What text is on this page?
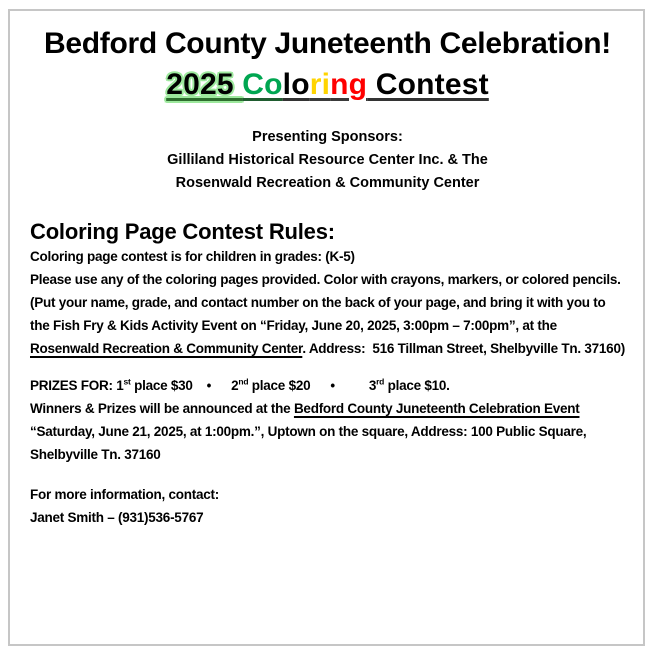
Bedford County Juneteenth Celebration!
2025 Coloring Contest

Presenting Sponsors:

Gilliland Historical Resource Center Inc. & The

Rosenwald Recreation & Community Center

Coloring Page Contest Rules:

Coloring page contest is for children in grades: (K-5)

Please use any of the coloring pages provided. Color with crayons, markers, or colored pencils.

(Put your name, grade, and contact number on the back of your page, and bring it with you to the Fish Fry & Kids Activity Event on “Friday, June 20, 2025, 3:00pm – 7:00pm”, at the Rosenwald Recreation & Community Center. Address:  516 Tillman Street, Shelbyville Tn. 37160)

PRIZES FOR: 1st place $30 • 2nd place $20 •	3rd place $10.

Winners & Prizes will be announced at the Bedford County Juneteenth Celebration Event “Saturday, June 21, 2025, at 1:00pm.”, Uptown on the square, Address: 100 Public Square, Shelbyville Tn. 37160

For more information, contact:

Janet Smith – (931)536-5767
